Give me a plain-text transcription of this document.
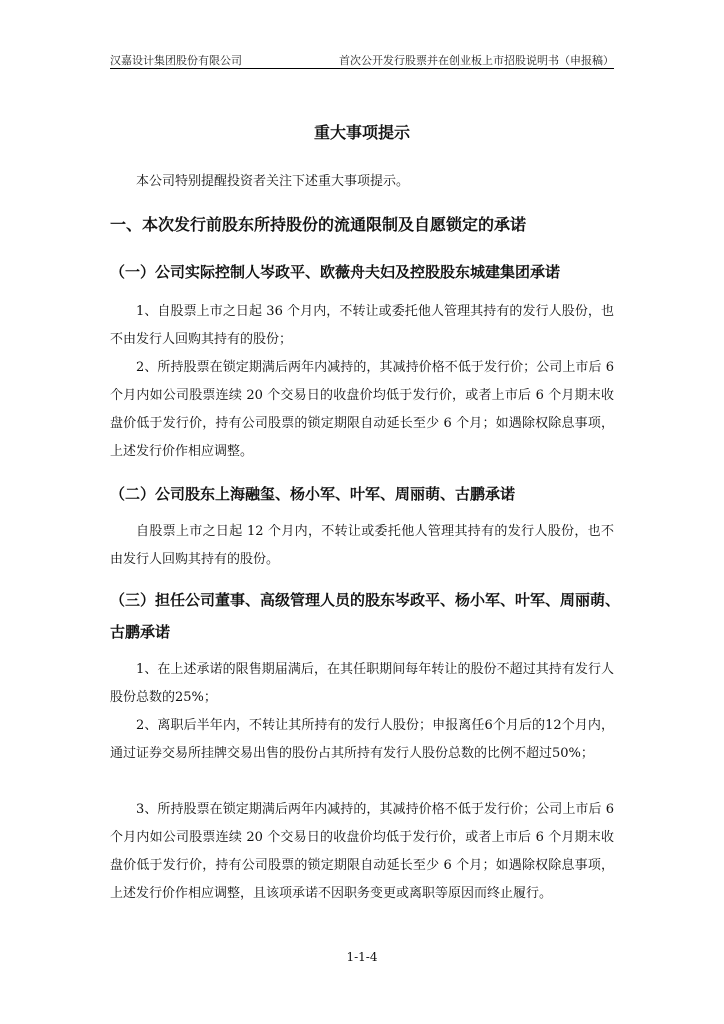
汉嘉设计集团股份有限公司	首次公开发行股票并在创业板上市招股说明书（申报稿）
重大事项提示
本公司特别提醒投资者关注下述重大事项提示。
一、本次发行前股东所持股份的流通限制及自愿锁定的承诺
（一）公司实际控制人岑政平、欧薇舟夫妇及控股股东城建集团承诺
1、自股票上市之日起 36 个月内，不转让或委托他人管理其持有的发行人股份，也不由发行人回购其持有的股份；
2、所持股票在锁定期满后两年内减持的，其减持价格不低于发行价；公司上市后 6 个月内如公司股票连续 20 个交易日的收盘价均低于发行价，或者上市后 6 个月期末收盘价低于发行价，持有公司股票的锁定期限自动延长至少 6 个月；如遇除权除息事项，上述发行价作相应调整。
（二）公司股东上海融玺、杨小军、叶军、周丽萌、古鹏承诺
自股票上市之日起 12 个月内，不转让或委托他人管理其持有的发行人股份，也不由发行人回购其持有的股份。
（三）担任公司董事、高级管理人员的股东岑政平、杨小军、叶军、周丽萌、古鹏承诺
1、在上述承诺的限售期届满后，在其任职期间每年转让的股份不超过其持有发行人股份总数的25%；
2、离职后半年内，不转让其所持有的发行人股份；申报离任6个月后的12个月内，通过证券交易所挂牌交易出售的股份占其所持有发行人股份总数的比例不超过50%；
3、所持股票在锁定期满后两年内减持的，其减持价格不低于发行价；公司上市后 6 个月内如公司股票连续 20 个交易日的收盘价均低于发行价，或者上市后 6 个月期末收盘价低于发行价，持有公司股票的锁定期限自动延长至少 6 个月；如遇除权除息事项，上述发行价作相应调整，且该项承诺不因职务变更或离职等原因而终止履行。
1-1-4
